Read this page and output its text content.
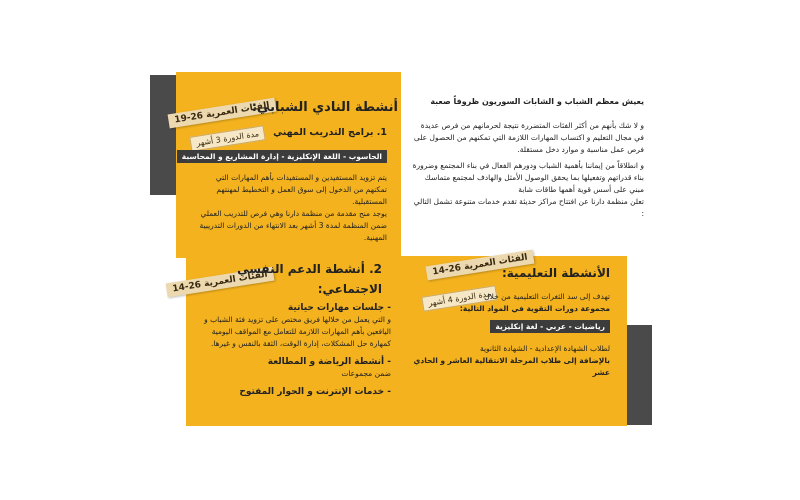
يعيش معظم الشباب و الشابات السوريون ظروفاً صعبة
و لا شك بأنهم من أكثر الفئات المتضررة نتيجة لحرمانهم من فرص عديدة في مجال التعليم و اكتساب المهارات اللازمة التي تمكنهم من الحصول على فرص عمل مناسبة و موارد دخل مستقلة.
و انطلاقاً من إيماننا بأهمية الشباب ودورهم الفعال في بناء المجتمع وضرورة بناء قدراتهم وتفعيلها بما يحقق الوصول الأمثل والهادف لمجتمع متماسك مبني على أسس قوية أهمها طاقات شابة
تعلن منظمة دارنا عن افتتاح مراكز حديثة تقدم خدمات متنوعة تشمل التالي :
الفئات العمرية 26-19
مدة الدورة 3 أشهر
أنشطة النادي الشبابي:
1. برامج التدريب المهني
الحاسوب - اللغة الإنكليزية - إدارة المشاريع و المحاسبة
يتم تزويد المستفيدين و المستفيدات بأهم المهارات التي تمكنهم من الدخول إلى سوق العمل و التخطيط لمهنتهم المستقبلية.
يوجد منح مقدمة من منظمة دارنا وهي فرص للتدريب العملي ضمن المنظمة لمدة 3 أشهر بعد الانتهاء من الدورات التدريبية المهنية.
الفئات العمرية 26-14
2. أنشطة الدعم النفسي
الاجتماعي:
- جلسات مهارات حياتية
و التي يعمل من خلالها فريق مختص على تزويد فئة الشباب و اليافعين بأهم المهارات اللازمة للتعامل مع المواقف اليومية كمهارة حل المشكلات، إدارة الوقت، الثقة بالنفس و غيرها.
- أنشطة الرياضة و المطالعة
ضمن مجموعات
- خدمات الإنترنت و الحوار المفتوح
الفئات العمرية 26-14
مدة الدورة 4 أشهر
الأنشطة التعليمية:
تهدف إلى سد الثغرات التعليمية من خلال
مجموعة دورات التقوية في المواد التالية:
رياضيات - عربي - لغة إنكليزية
لطلاب الشهادة الإعدادية - الشهادة الثانوية
بالإضافة إلى طلاب المرحلة الانتقالية العاشر و الحادي عشر
